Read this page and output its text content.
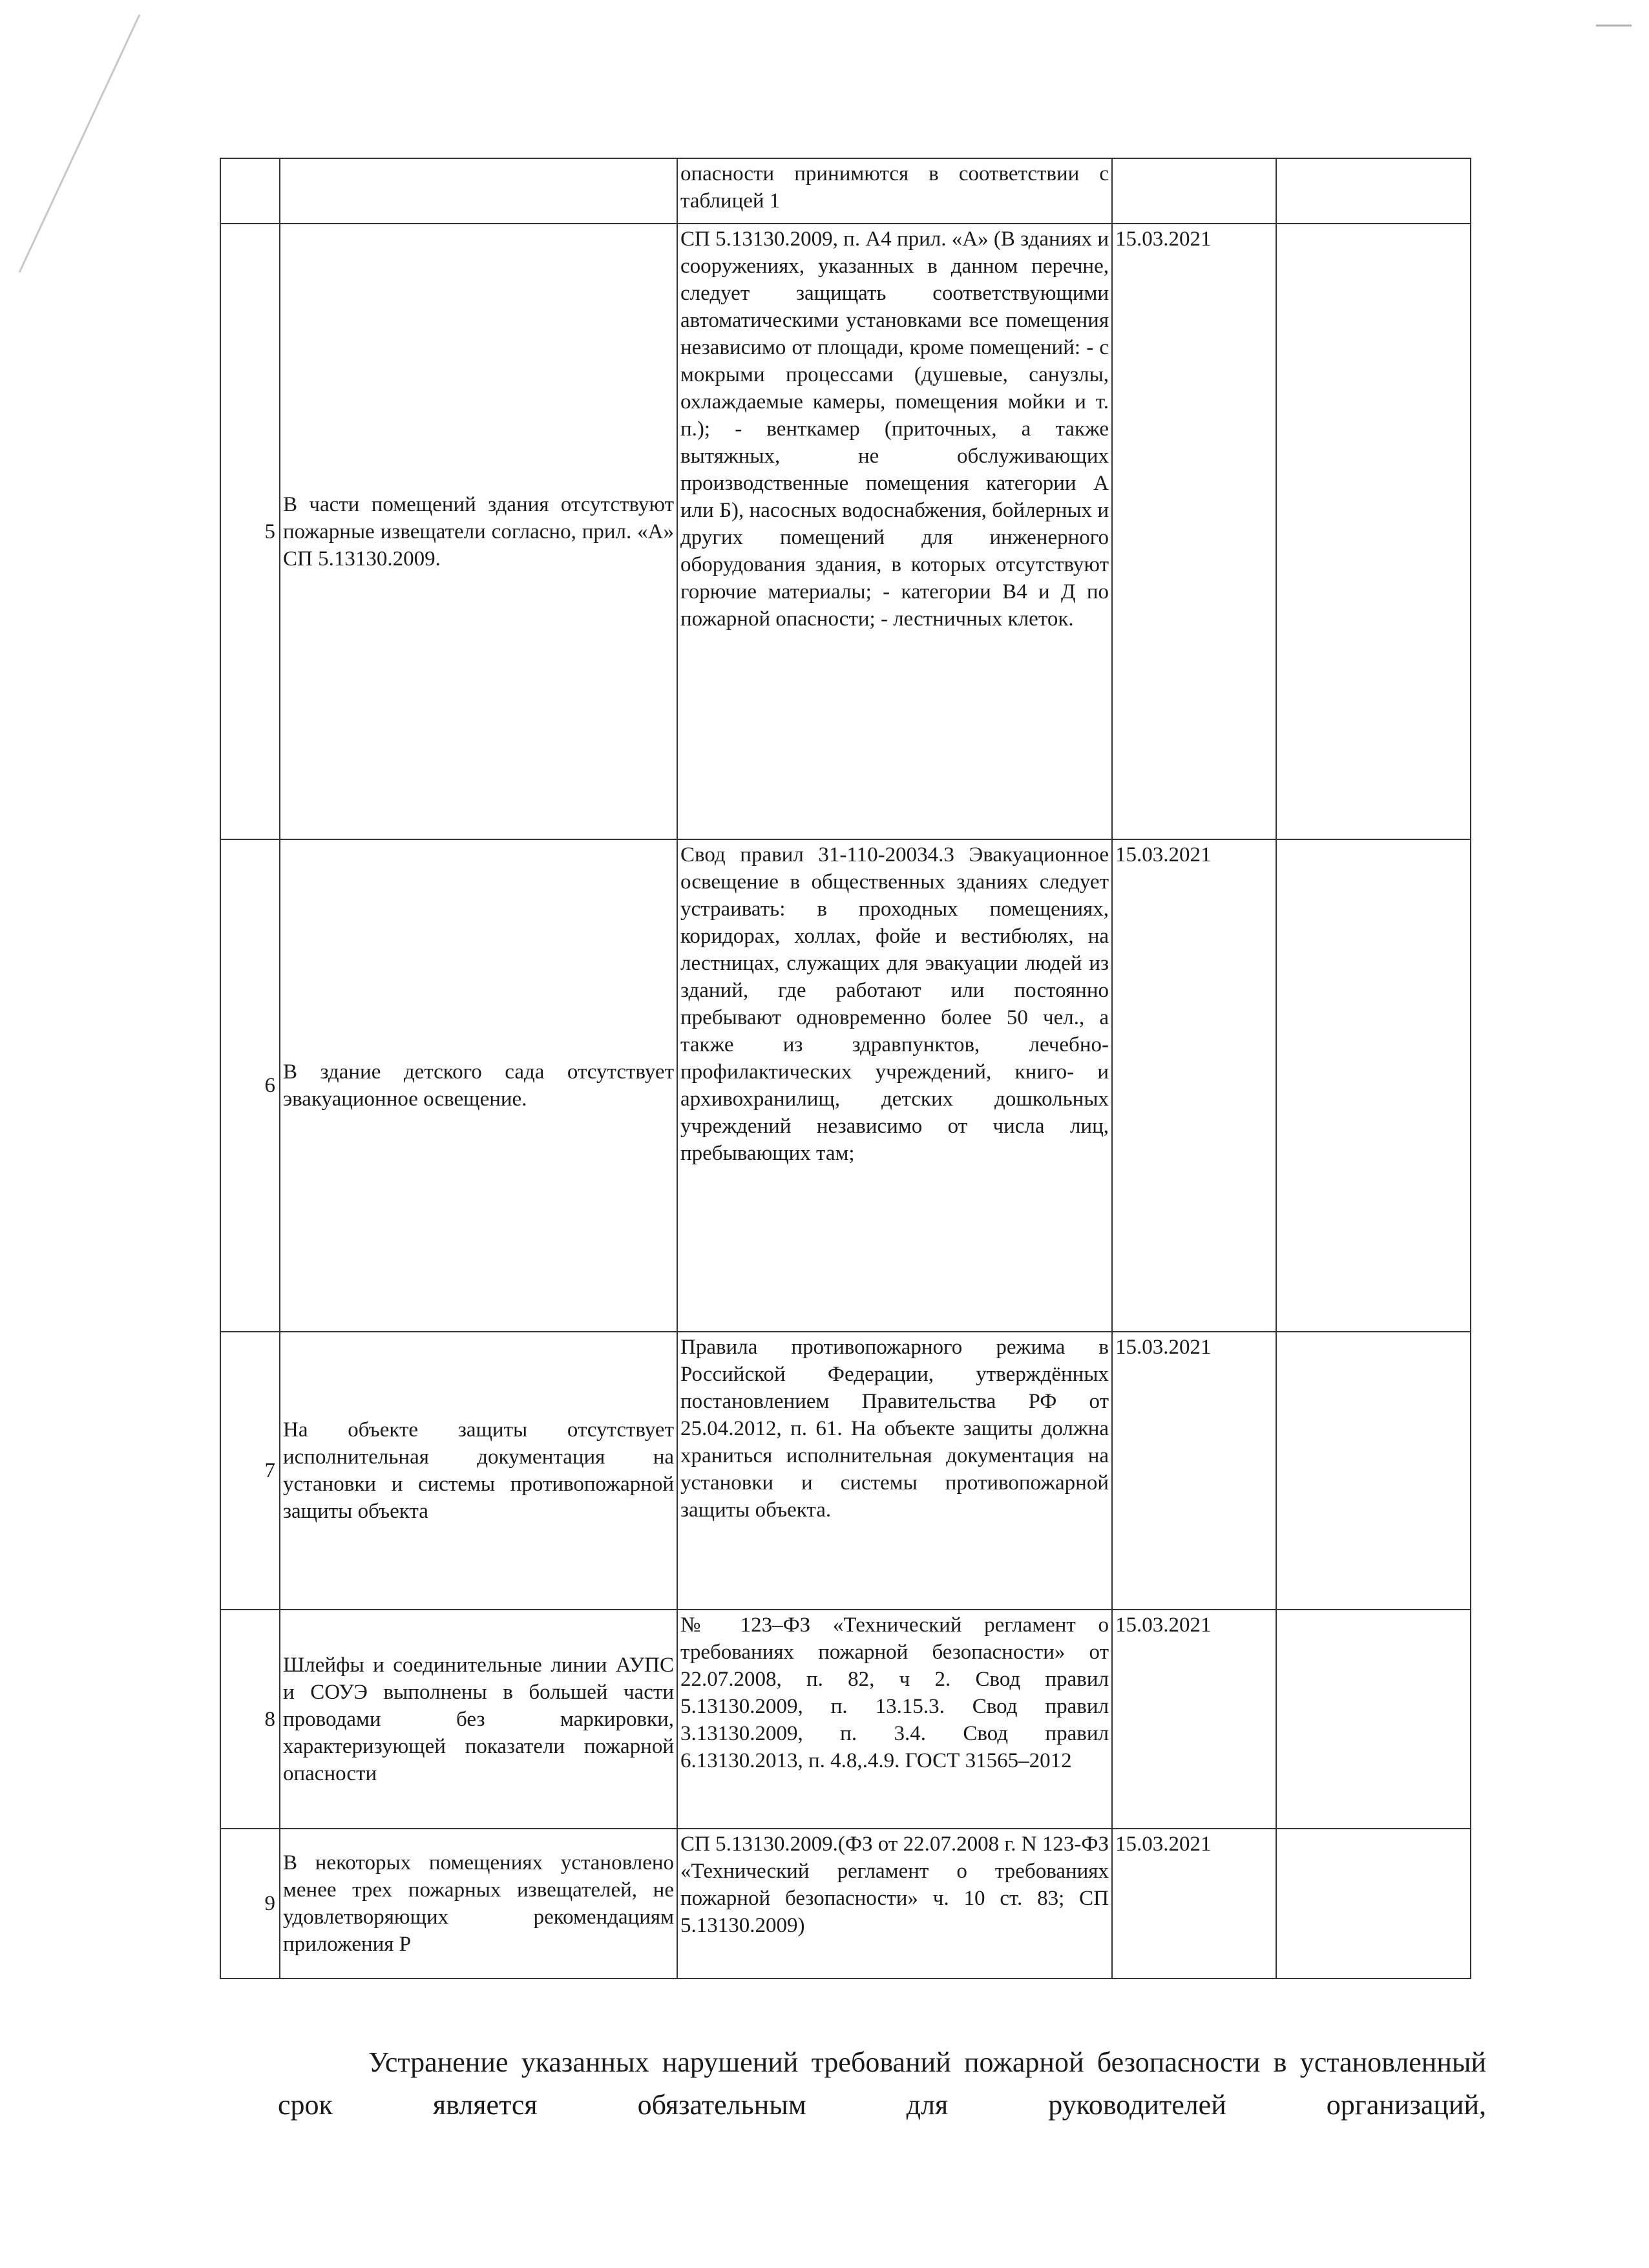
		опасности принимются в соответствии с таблицей 1		
5	В части помещений здания отсутствуют пожарные извещатели согласно, прил. «А» СП 5.13130.2009.	СП 5.13130.2009, п. А4 прил. «А» (В зданиях и сооружениях, указанных в данном перечне, следует защищать соответствующими автоматическими установками все помещения независимо от площади, кроме помещений: - с мокрыми процессами (душевые, санузлы, охлаждаемые камеры, помещения мойки и т. п.); - венткамер (приточных, а также вытяжных, не обслуживающих производственные помещения категории А или Б), насосных водоснабжения, бойлерных и других помещений для инженерного оборудования здания, в которых отсутствуют горючие материалы; - категории В4 и Д по пожарной опасности; - лестничных клеток.	15.03.2021	
6	В здание детского сада отсутствует эвакуационное освещение.	Свод правил 31-110-20034.3 Эвакуационное освещение в общественных зданиях следует устраивать: в проходных помещениях, коридорах, холлах, фойе и вестибюлях, на лестницах, служащих для эвакуации людей из зданий, где работают или постоянно пребывают одновременно более 50 чел., а также из здравпунктов, лечебно-профилактических учреждений, книго- и архивохранилищ, детских дошкольных учреждений независимо от числа лиц, пребывающих там;	15.03.2021	
7	На объекте защиты отсутствует исполнительная документация на установки и системы противопожарной защиты объекта	Правила противопожарного режима в Российской Федерации, утверждённых постановлением Правительства РФ от 25.04.2012, п. 61. На объекте защиты должна храниться исполнительная документация на установки и системы противопожарной защиты объекта.	15.03.2021	
8	Шлейфы и соединительные линии АУПС и СОУЭ выполнены в большей части проводами без маркировки, характеризующей показатели пожарной опасности	№ 123–ФЗ «Технический регламент о требованиях пожарной безопасности» от 22.07.2008, п. 82, ч 2. Свод правил 5.13130.2009, п. 13.15.3. Свод правил 3.13130.2009, п. 3.4. Свод правил 6.13130.2013, п. 4.8,.4.9. ГОСТ 31565–2012	15.03.2021	
9	В некоторых помещениях установлено менее трех пожарных извещателей, не удовлетворяющих рекомендациям приложения Р	СП 5.13130.2009.(ФЗ от 22.07.2008 г. N 123-ФЗ «Технический регламент о требованиях пожарной безопасности» ч. 10 ст. 83; СП 5.13130.2009)	15.03.2021	

Устранение указанных нарушений требований пожарной безопасности в установленный срок является обязательным для руководителей организаций,
